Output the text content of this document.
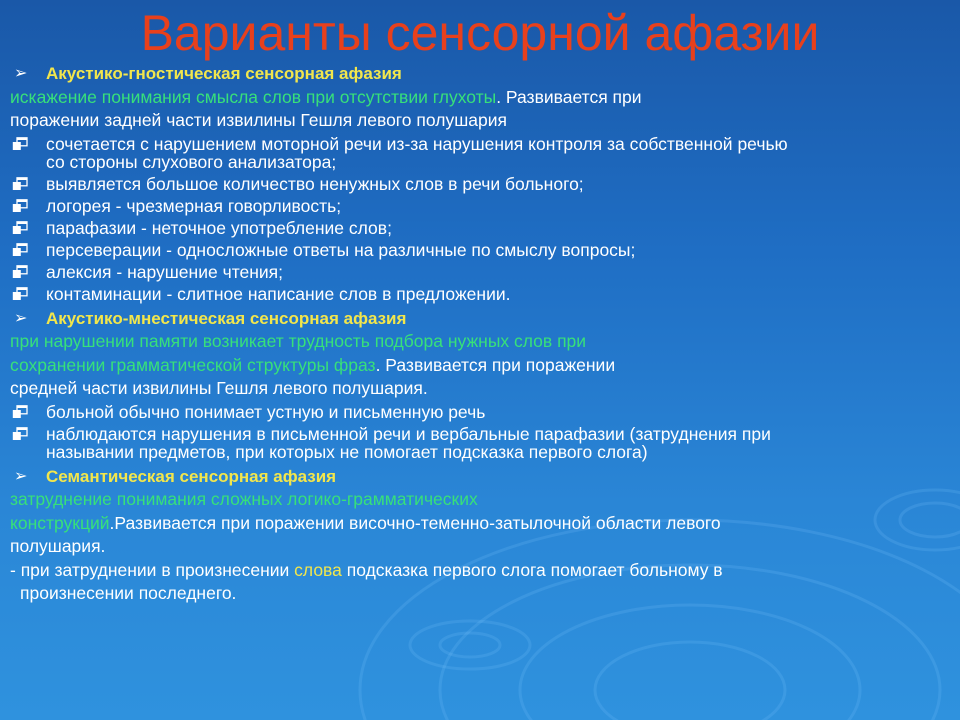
Варианты сенсорной афазии
➢ Акустико-гностическая сенсорная афазия
искажение понимания смысла слов при отсутствии глухоты. Развивается при
поражении задней части извилины Гешля левого полушария
сочетается с нарушением моторной речи из-за нарушения контроля за собственной речью
со стороны слухового анализатора;
выявляется большое количество ненужных слов в речи больного;
логорея - чрезмерная говорливость;
парафазии - неточное употребление слов;
персеверации - односложные ответы на различные по смыслу вопросы;
алексия - нарушение чтения;
контаминации - слитное написание слов в предложении.
➢ Акустико-мнестическая сенсорная афазия
при нарушении памяти возникает трудность подбора нужных слов при
сохранении грамматической структуры фраз. Развивается при поражении
средней части извилины Гешля левого полушария.
больной обычно понимает устную и письменную речь
наблюдаются нарушения в письменной речи и вербальные парафазии (затруднения при
назывании предметов, при которых не помогает подсказка первого слога)
➢ Семантическая сенсорная афазия
затруднение понимания сложных логико-грамматических
конструкций.Развивается при поражении височно-теменно-затылочной области левого
полушария.
- при затруднении в произнесении слова подсказка первого слога помогает больному в
произнесении последнего.
